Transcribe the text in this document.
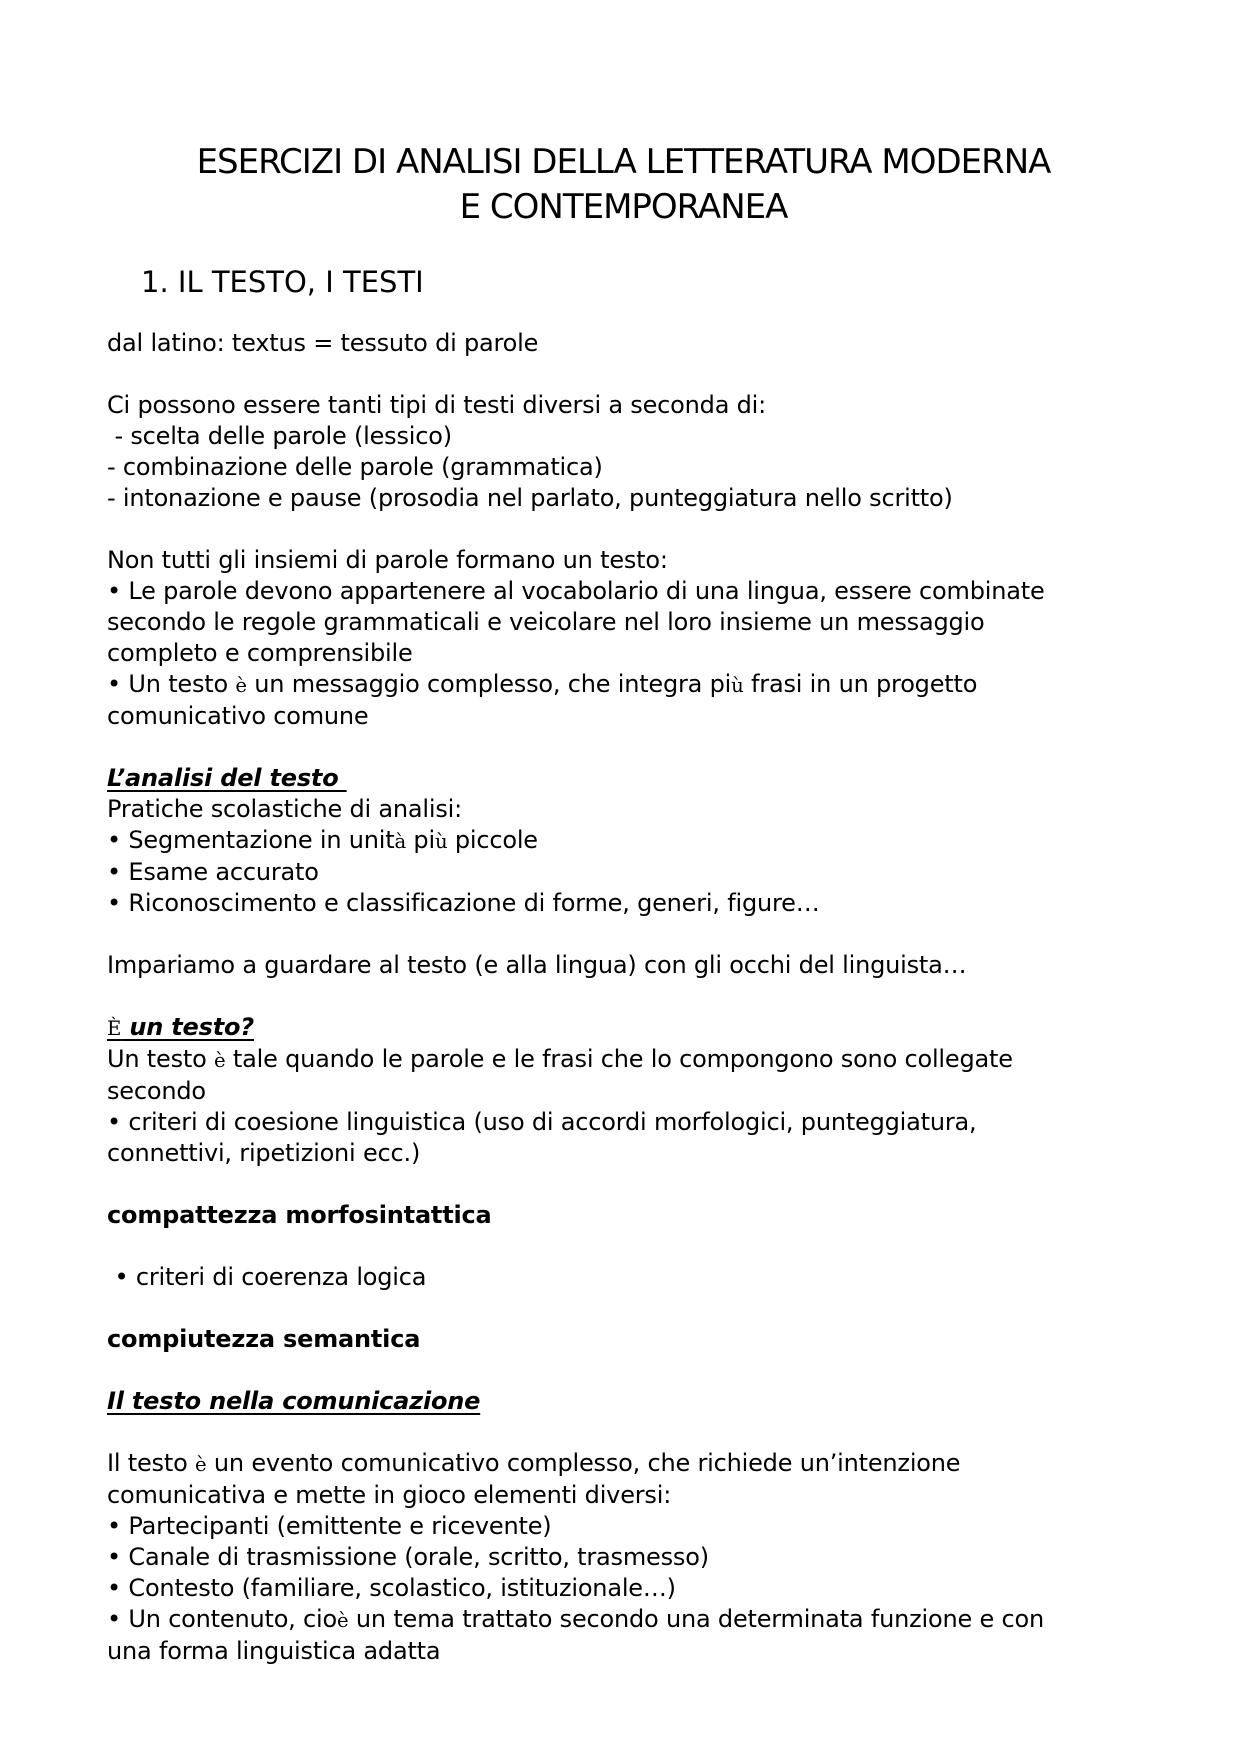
ESERCIZI DI ANALISI DELLA LETTERATURA MODERNA
E CONTEMPORANEA
1. IL TESTO, I TESTI
dal latino: textus = tessuto di parole
Ci possono essere tanti tipi di testi diversi a seconda di:
- scelta delle parole (lessico)
- combinazione delle parole (grammatica)
- intonazione e pause (prosodia nel parlato, punteggiatura nello scritto)
Non tutti gli insiemi di parole formano un testo:
• Le parole devono appartenere al vocabolario di una lingua, essere combinate
secondo le regole grammaticali e veicolare nel loro insieme un messaggio
completo e comprensibile
• Un testo è un messaggio complesso, che integra più frasi in un progetto
comunicativo comune
L’analisi del testo
Pratiche scolastiche di analisi:
• Segmentazione in unità più piccole
• Esame accurato
• Riconoscimento e classificazione di forme, generi, figure…
Impariamo a guardare al testo (e alla lingua) con gli occhi del linguista…
È un testo?
Un testo è tale quando le parole e le frasi che lo compongono sono collegate
secondo
• criteri di coesione linguistica (uso di accordi morfologici, punteggiatura,
connettivi, ripetizioni ecc.)
compattezza morfosintattica
• criteri di coerenza logica
compiutezza semantica
Il testo nella comunicazione
Il testo è un evento comunicativo complesso, che richiede un’intenzione
comunicativa e mette in gioco elementi diversi:
• Partecipanti (emittente e ricevente)
• Canale di trasmissione (orale, scritto, trasmesso)
• Contesto (familiare, scolastico, istituzionale…)
• Un contenuto, cioè un tema trattato secondo una determinata funzione e con
una forma linguistica adatta
